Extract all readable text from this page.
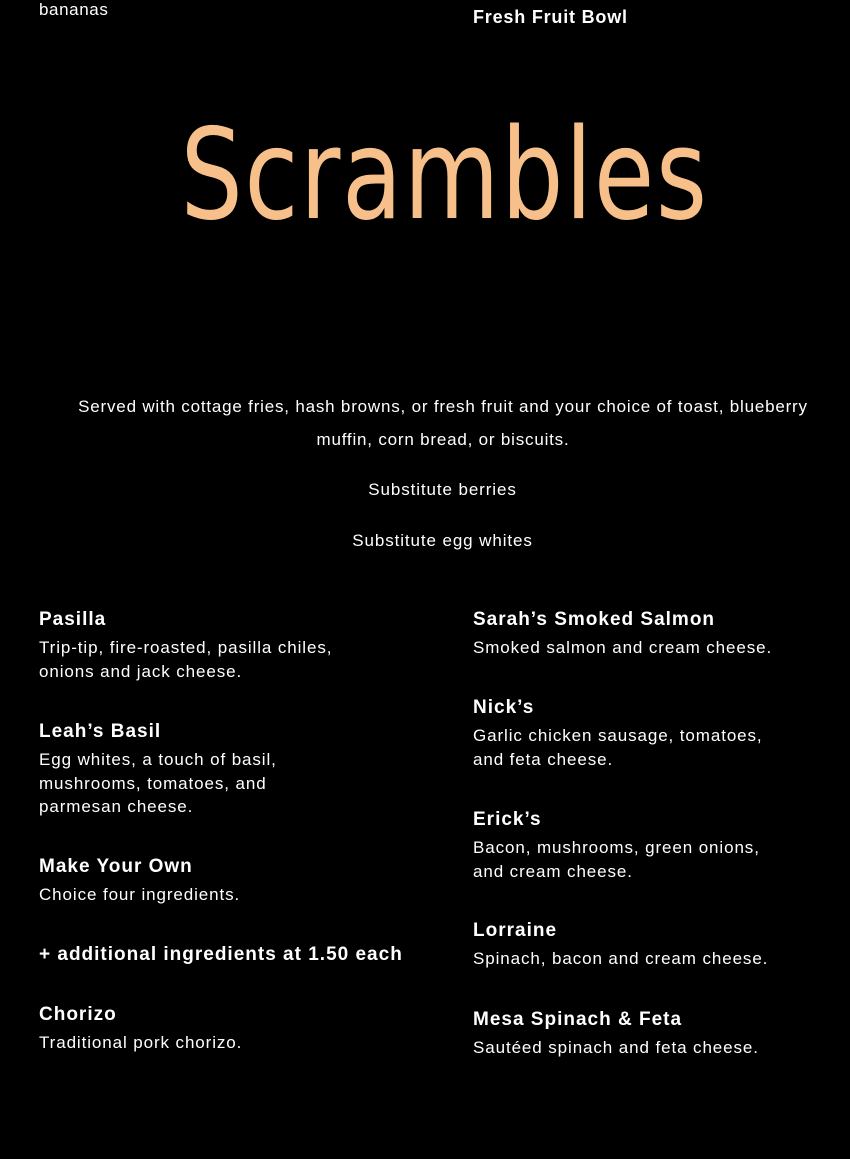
bananas	Fresh Fruit Bowl
Scrambles
Served with cottage fries, hash browns, or fresh fruit and your choice of toast, blueberry muffin, corn bread, or biscuits.
Substitute berries
Substitute egg whites
Pasilla
Trip-tip, fire-roasted, pasilla chiles, onions and jack cheese.
Leah’s Basil
Egg whites, a touch of basil, mushrooms, tomatoes, and parmesan cheese.
Make Your Own
Choice four ingredients.
+ additional ingredients at 1.50 each
Chorizo
Traditional pork chorizo.
Sarah’s Smoked Salmon
Smoked salmon and cream cheese.
Nick’s
Garlic chicken sausage, tomatoes, and feta cheese.
Erick’s
Bacon, mushrooms, green onions, and cream cheese.
Lorraine
Spinach, bacon and cream cheese.
Mesa Spinach & Feta
Sautéed spinach and feta cheese.
